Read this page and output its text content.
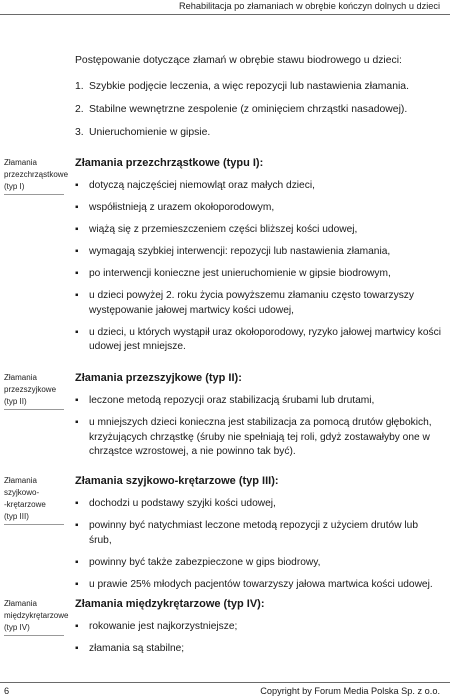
Rehabilitacja po złamaniach w obrębie kończyn dolnych u dzieci

Postępowanie dotyczące złamań w obrębie stawu biodrowego u dzieci:

1. Szybkie podjęcie leczenia, a więc repozycji lub nastawienia złamania.
2. Stabilne wewnętrzne zespolenie (z ominięciem chrząstki nasadowej).
3. Unieruchomienie w gipsie.
Złamania
przezchrząstkowe
(typ I)
Złamania przezchrząstkowe (typu I):
▪ dotyczą najczęściej niemowląt oraz małych dzieci,
▪ współistnieją z urazem okołoporodowym,
▪ wiążą się z przemieszczeniem części bliższej kości udowej,
▪ wymagają szybkiej interwencji: repozycji lub nastawienia złamania,
▪ po interwencji konieczne jest unieruchomienie w gipsie biodrowym,
▪ u dzieci powyżej 2. roku życia powyższemu złamaniu często towarzyszy występowanie jałowej martwicy kości udowej,
▪ u dzieci, u których wystąpił uraz okołoporodowy, ryzyko jałowej martwicy kości udowej jest mniejsze.
Złamania
przezszyjkowe
(typ II)
Złamania przezszyjkowe (typ II):
▪ leczone metodą repozycji oraz stabilizacją śrubami lub drutami,
▪ u mniejszych dzieci konieczna jest stabilizacja za pomocą drutów głębokich, krzyżujących chrząstkę (śruby nie spełniają tej roli, gdyż zostawałyby one w chrząstce wzrostowej, a nie powinno tak być).
Złamania
szyjkowo-
-krętarzowe
(typ III)
Złamania szyjkowo-krętarzowe (typ III):
▪ dochodzi u podstawy szyjki kości udowej,
▪ powinny być natychmiast leczone metodą repozycji z użyciem drutów lub śrub,
▪ powinny być także zabezpieczone w gips biodrowy,
▪ u prawie 25% młodych pacjentów towarzyszy jałowa martwica kości udowej.
Złamania
międzykrętarzowe
(typ IV)
Złamania międzykrętarzowe (typ IV):
▪ rokowanie jest najkorzystniejsze;
▪ złamania są stabilne;
6	Copyright by Forum Media Polska Sp. z o.o.
